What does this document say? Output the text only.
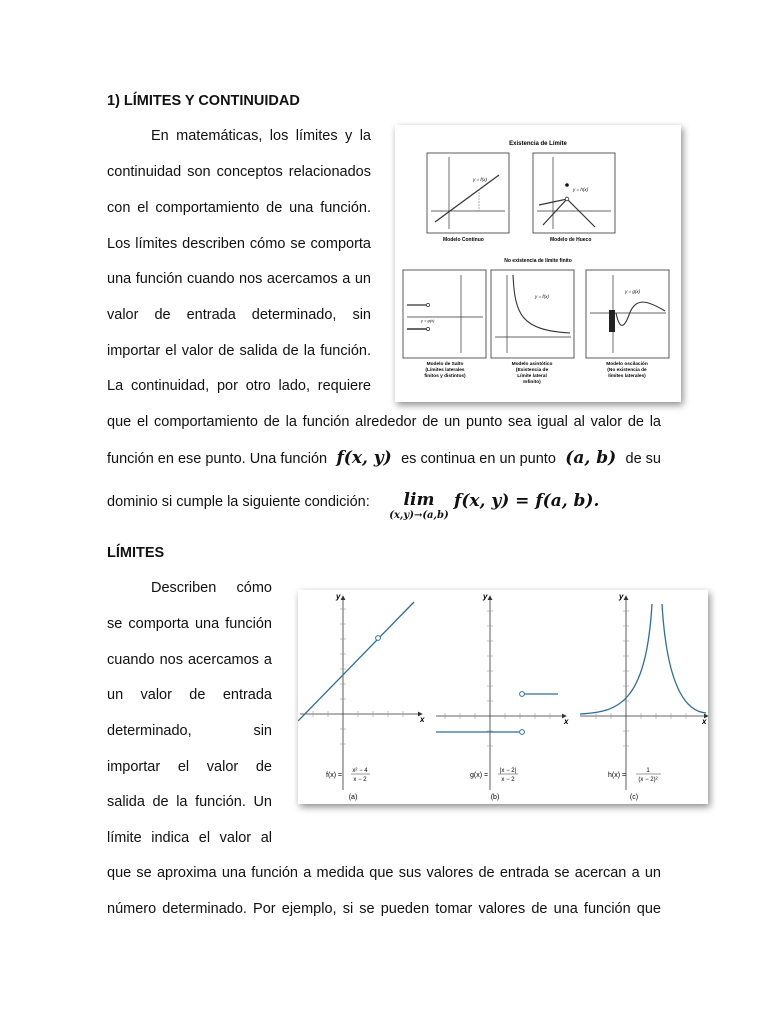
1) LÍMITES Y CONTINUIDAD
En matemáticas, los límites y la
continuidad son conceptos relacionados
con el comportamiento de una función.
Los límites describen cómo se comporta
una función cuando nos acercamos a un
valor de entrada determinado, sin
importar el valor de salida de la función.
La continuidad, por otro lado, requiere
que el comportamiento de la función alrededor de un punto sea igual al valor de la
función en ese punto. Una función f(x, y) es continua en un punto (a, b) de su
dominio si cumple la siguiente condición:	lim
(x,y)→(a,b)
f(x, y) = f(a, b).
Existencia de Límite
y = f(x)
Modelo Continuo
y = h(x)
Modelo de Hueco
No existencia de límite finito
y = g(x)
y = f(x)
y = g(x)
Modelo de Salto (Límites laterales finitos y distintos)
Modelo asintótico (Existencia de Límite lateral Infinito)
Modelo oscilación (No existencia de límites laterales)
LÍMITES
Describen cómo
se comporta una función
cuando nos acercamos a
un valor de entrada
determinado, sin
importar el valor de
salida de la función. Un
límite indica el valor al
que se aproxima una función a medida que sus valores de entrada se acercan a un
número determinado. Por ejemplo, si se pueden tomar valores de una función que
x
y
f(x) =
x² − 4
x − 2
(a)
x
y
g(x) =
|x − 2|
x − 2
(b)
x
y
h(x) =
1
(x − 2)²
(c)
